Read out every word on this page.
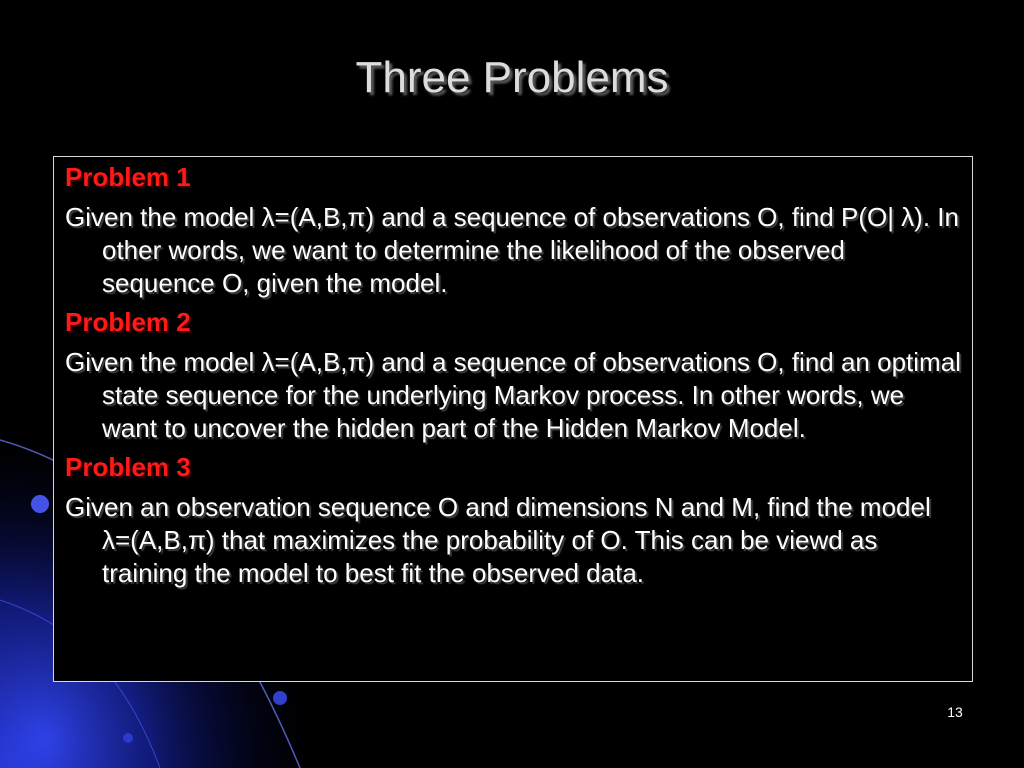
Three Problems

Problem 1

Given the model λ=(A,B,π) and a sequence of observations O, find P(O| λ). In other words, we want to determine the likelihood of the observed sequence O, given the model.

Problem 2

Given the model λ=(A,B,π) and a sequence of observations O, find an optimal state sequence for the underlying Markov process. In other words, we want to uncover the hidden part of the Hidden Markov Model.

Problem 3

Given an observation sequence O and dimensions N and M, find the model λ=(A,B,π) that maximizes the probability of O. This can be viewd as training the model to best fit the observed data.

13
